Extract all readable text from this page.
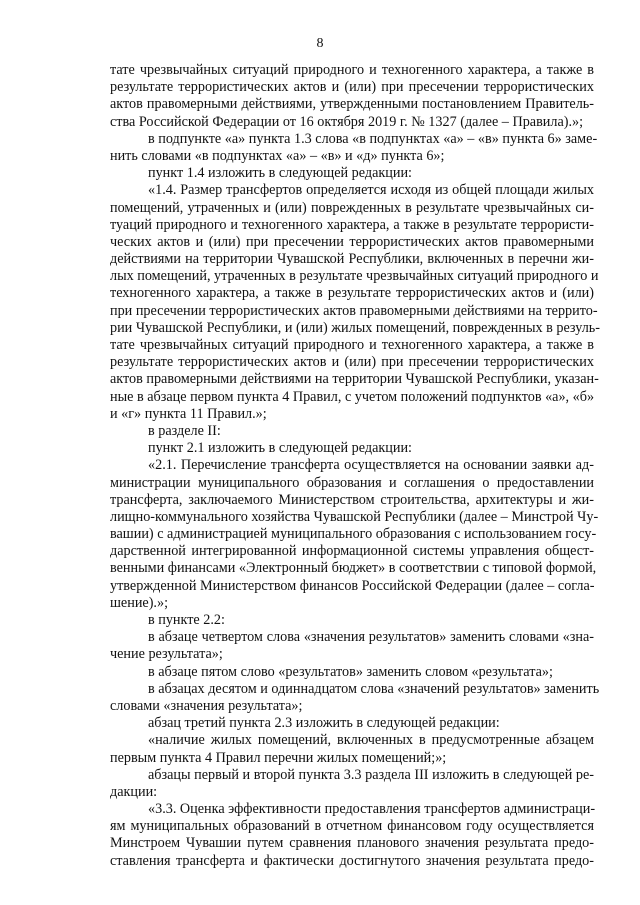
8
тате чрезвычайных ситуаций природного и техногенного характера, а также в
результате террористических актов и (или) при пресечении террористических
актов правомерными действиями, утвержденными постановлением Правитель-
ства Российской Федерации от 16 октября 2019 г. № 1327 (далее – Правила).»;
в подпункте «а» пункта 1.3 слова «в подпунктах «а» – «в» пункта 6» заме-
нить словами «в подпунктах «а» – «в» и «д» пункта 6»;
пункт 1.4 изложить в следующей редакции:
«1.4. Размер трансфертов определяется исходя из общей площади жилых
помещений, утраченных и (или) поврежденных в результате чрезвычайных си-
туаций природного и техногенного характера, а также в результате террористи-
ческих актов и (или) при пресечении террористических актов правомерными
действиями на территории Чувашской Республики, включенных в перечни жи-
лых помещений, утраченных в результате чрезвычайных ситуаций природного и
техногенного характера, а также в результате террористических актов и (или)
при пресечении террористических актов правомерными действиями на террито-
рии Чувашской Республики, и (или) жилых помещений, поврежденных в резуль-
тате чрезвычайных ситуаций природного и техногенного характера, а также в
результате террористических актов и (или) при пресечении террористических
актов правомерными действиями на территории Чувашской Республики, указан-
ные в абзаце первом пункта 4 Правил, с учетом положений подпунктов «а», «б»
и «г» пункта 11 Правил.»;
в разделе II:
пункт 2.1 изложить в следующей редакции:
«2.1. Перечисление трансферта осуществляется на основании заявки ад-
министрации муниципального образования и соглашения о предоставлении
трансферта, заключаемого Министерством строительства, архитектуры и жи-
лищно-коммунального хозяйства Чувашской Республики (далее – Минстрой Чу-
вашии) с администрацией муниципального образования с использованием госу-
дарственной интегрированной информационной системы управления общест-
венными финансами «Электронный бюджет» в соответствии с типовой формой,
утвержденной Министерством финансов Российской Федерации (далее – согла-
шение).»;
в пункте 2.2:
в абзаце четвертом слова «значения результатов» заменить словами «зна-
чение результата»;
в абзаце пятом слово «результатов» заменить словом «результата»;
в абзацах десятом и одиннадцатом слова «значений результатов» заменить
словами «значения результата»;
абзац третий пункта 2.3 изложить в следующей редакции:
«наличие жилых помещений, включенных в предусмотренные абзацем
первым пункта 4 Правил перечни жилых помещений;»;
абзацы первый и второй пункта 3.3 раздела III изложить в следующей ре-
дакции:
«3.3. Оценка эффективности предоставления трансфертов администрaци-
ям муниципальных образований в отчетном финансовом году осуществляется
Минстроем Чувашии путем сравнения планового значения результата предо-
ставления трансферта и фактически достигнутого значения результата предо-
